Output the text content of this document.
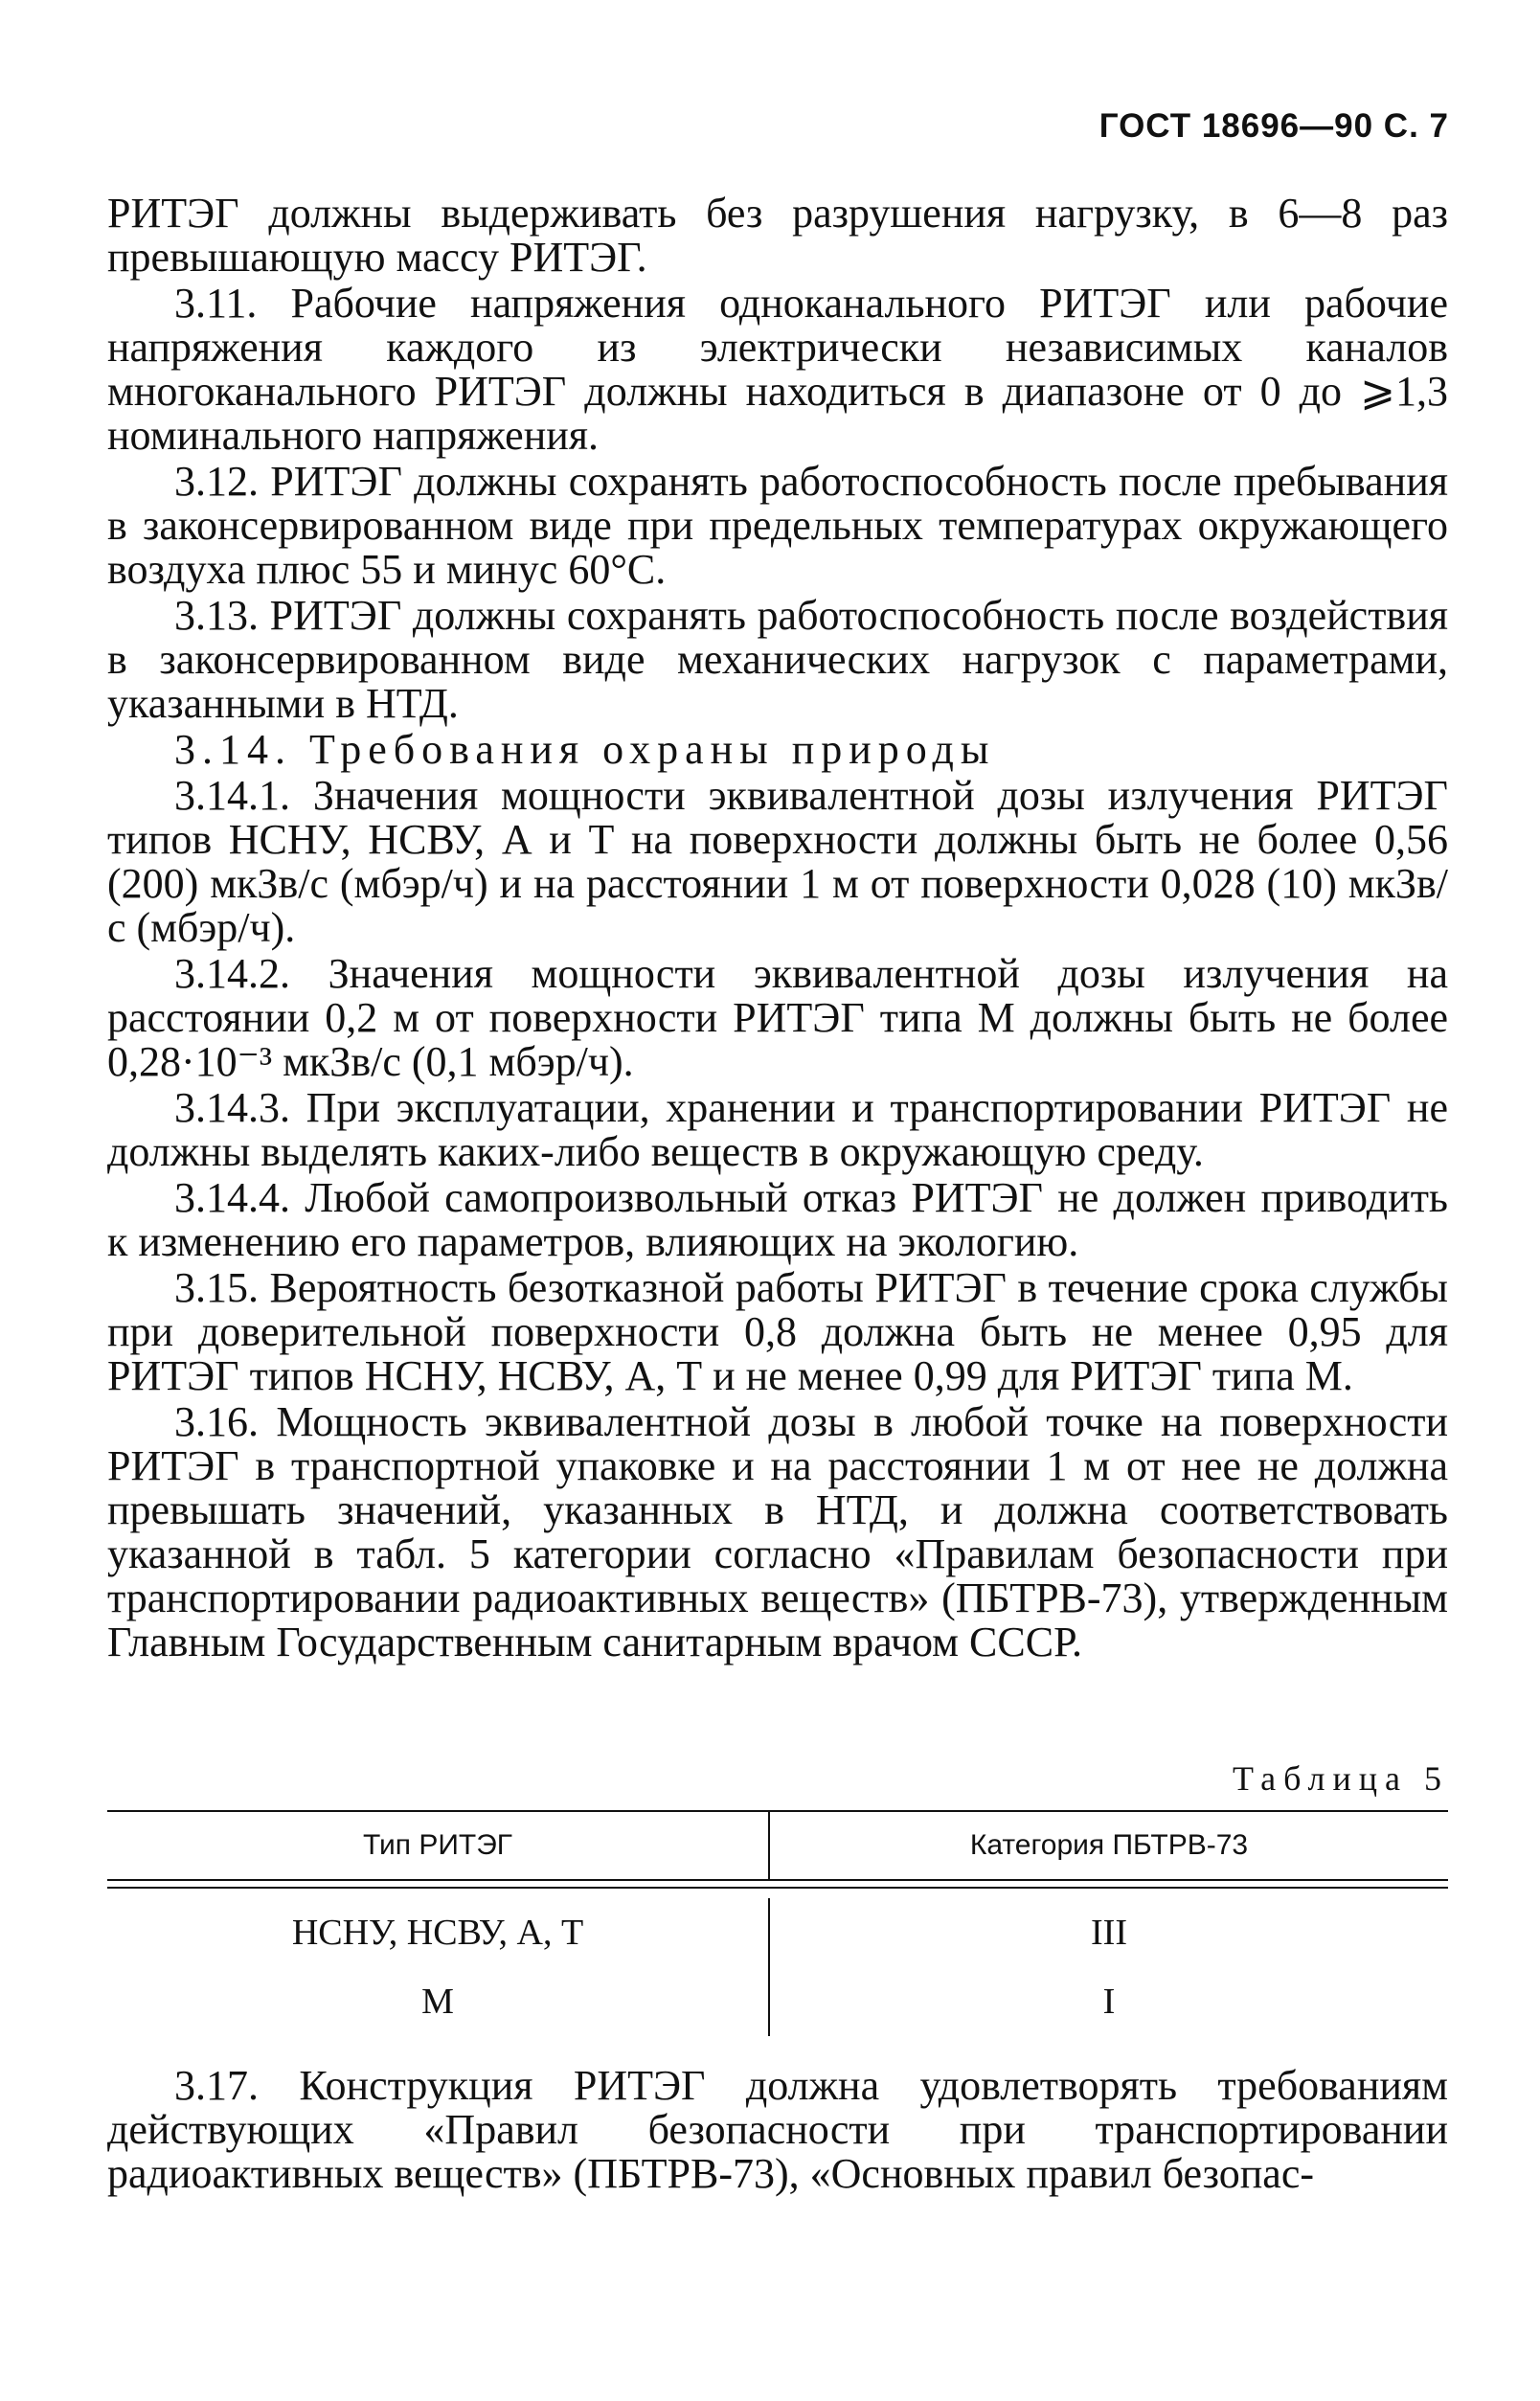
ГОСТ 18696—90 С. 7

РИТЭГ должны выдерживать без разрушения нагрузку, в 6—8 раз превышающую массу РИТЭГ.

3.11. Рабочие напряжения одноканального РИТЭГ или рабочие напряжения каждого из электрически независимых каналов многоканального РИТЭГ должны находиться в диапазоне от 0 до ⩾1,3 номинального напряжения.

3.12. РИТЭГ должны сохранять работоспособность после пребывания в законсервированном виде при предельных температурах окружающего воздуха плюс 55 и минус 60°С.

3.13. РИТЭГ должны сохранять работоспособность после воздействия в законсервированном виде механических нагрузок с параметрами, указанными в НТД.

3.14. Требования охраны природы

3.14.1. Значения мощности эквивалентной дозы излучения РИТЭГ типов НСНУ, НСВУ, А и Т на поверхности должны быть не более 0,56 (200) мкЗв/с (мбэр/ч) и на расстоянии 1 м от поверхности 0,028 (10) мкЗв/с (мбэр/ч).

3.14.2. Значения мощности эквивалентной дозы излучения на расстоянии 0,2 м от поверхности РИТЭГ типа М должны быть не более 0,28·10⁻³ мкЗв/с (0,1 мбэр/ч).

3.14.3. При эксплуатации, хранении и транспортировании РИТЭГ не должны выделять каких-либо веществ в окружающую среду.

3.14.4. Любой самопроизвольный отказ РИТЭГ не должен приводить к изменению его параметров, влияющих на экологию.

3.15. Вероятность безотказной работы РИТЭГ в течение срока службы при доверительной поверхности 0,8 должна быть не менее 0,95 для РИТЭГ типов НСНУ, НСВУ, А, Т и не менее 0,99 для РИТЭГ типа М.

3.16. Мощность эквивалентной дозы в любой точке на поверхности РИТЭГ в транспортной упаковке и на расстоянии 1 м от нее не должна превышать значений, указанных в НТД, и должна соответствовать указанной в табл. 5 категории согласно «Правилам безопасности при транспортировании радиоактивных веществ» (ПБТРВ-73), утвержденным Главным Государственным санитарным врачом СССР.

Таблица 5
Тип РИТЭГ	Категория ПБТРВ-73
НСНУ, НСВУ, А, Т	III
М	I

3.17. Конструкция РИТЭГ должна удовлетворять требованиям действующих «Правил безопасности при транспортировании радиоактивных веществ» (ПБТРВ-73), «Основных правил безопас-
